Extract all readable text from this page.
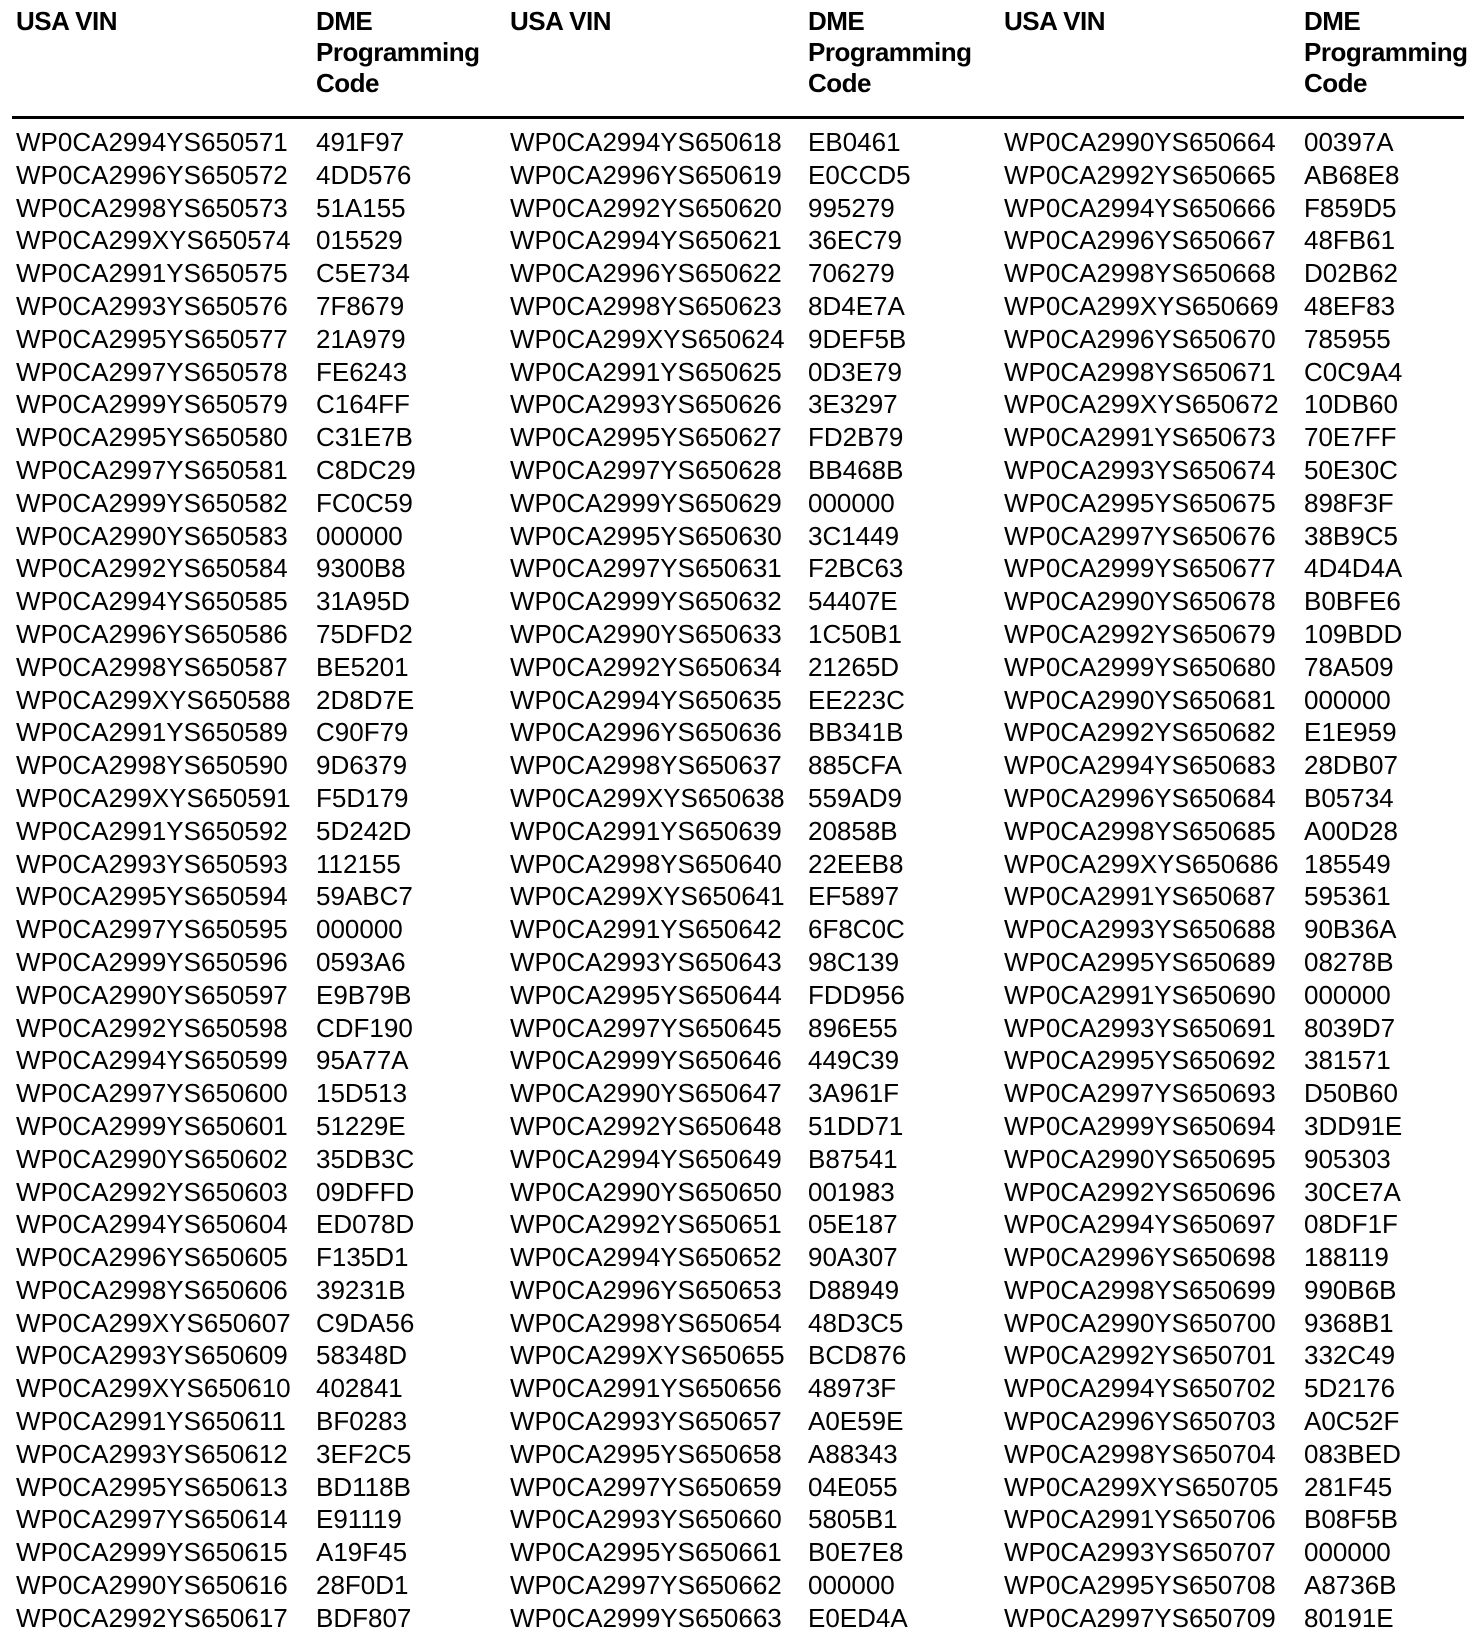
USA VIN	DME
Programming
Code
USA VIN	DME
Programming
Code
USA VIN	DME
Programming
Code
WP0CA2994YS650571 491F97
WP0CA2996YS650572 4DD576
WP0CA2998YS650573 51A155
WP0CA299XYS650574 015529
WP0CA2991YS650575 C5E734
WP0CA2993YS650576 7F8679
WP0CA2995YS650577 21A979
WP0CA2997YS650578 FE6243
WP0CA2999YS650579 C164FF
WP0CA2995YS650580 C31E7B
WP0CA2997YS650581 C8DC29
WP0CA2999YS650582 FC0C59
WP0CA2990YS650583 000000
WP0CA2992YS650584 9300B8
WP0CA2994YS650585 31A95D
WP0CA2996YS650586 75DFD2
WP0CA2998YS650587 BE5201
WP0CA299XYS650588 2D8D7E
WP0CA2991YS650589 C90F79
WP0CA2998YS650590 9D6379
WP0CA299XYS650591 F5D179
WP0CA2991YS650592 5D242D
WP0CA2993YS650593 112155
WP0CA2995YS650594 59ABC7
WP0CA2997YS650595 000000
WP0CA2999YS650596 0593A6
WP0CA2990YS650597 E9B79B
WP0CA2992YS650598 CDF190
WP0CA2994YS650599 95A77A
WP0CA2997YS650600 15D513
WP0CA2999YS650601 51229E
WP0CA2990YS650602 35DB3C
WP0CA2992YS650603 09DFFD
WP0CA2994YS650604 ED078D
WP0CA2996YS650605 F135D1
WP0CA2998YS650606 39231B
WP0CA299XYS650607 C9DA56
WP0CA2993YS650609 58348D
WP0CA299XYS650610 402841
WP0CA2991YS650611 BF0283
WP0CA2993YS650612 3EF2C5
WP0CA2995YS650613 BD118B
WP0CA2997YS650614 E91119
WP0CA2999YS650615 A19F45
WP0CA2990YS650616 28F0D1
WP0CA2992YS650617 BDF807
WP0CA2994YS650618 EB0461
WP0CA2996YS650619 E0CCD5
WP0CA2992YS650620 995279
WP0CA2994YS650621 36EC79
WP0CA2996YS650622 706279
WP0CA2998YS650623 8D4E7A
WP0CA299XYS650624 9DEF5B
WP0CA2991YS650625 0D3E79
WP0CA2993YS650626 3E3297
WP0CA2995YS650627 FD2B79
WP0CA2997YS650628 BB468B
WP0CA2999YS650629 000000
WP0CA2995YS650630 3C1449
WP0CA2997YS650631 F2BC63
WP0CA2999YS650632 54407E
WP0CA2990YS650633 1C50B1
WP0CA2992YS650634 21265D
WP0CA2994YS650635 EE223C
WP0CA2996YS650636 BB341B
WP0CA2998YS650637 885CFA
WP0CA299XYS650638 559AD9
WP0CA2991YS650639 20858B
WP0CA2998YS650640 22EEB8
WP0CA299XYS650641 EF5897
WP0CA2991YS650642 6F8C0C
WP0CA2993YS650643 98C139
WP0CA2995YS650644 FDD956
WP0CA2997YS650645 896E55
WP0CA2999YS650646 449C39
WP0CA2990YS650647 3A961F
WP0CA2992YS650648 51DD71
WP0CA2994YS650649 B87541
WP0CA2990YS650650 001983
WP0CA2992YS650651 05E187
WP0CA2994YS650652 90A307
WP0CA2996YS650653 D88949
WP0CA2998YS650654 48D3C5
WP0CA299XYS650655 BCD876
WP0CA2991YS650656 48973F
WP0CA2993YS650657 A0E59E
WP0CA2995YS650658 A88343
WP0CA2997YS650659 04E055
WP0CA2993YS650660 5805B1
WP0CA2995YS650661 B0E7E8
WP0CA2997YS650662 000000
WP0CA2999YS650663 E0ED4A
WP0CA2990YS650664 00397A
WP0CA2992YS650665 AB68E8
WP0CA2994YS650666 F859D5
WP0CA2996YS650667 48FB61
WP0CA2998YS650668 D02B62
WP0CA299XYS650669 48EF83
WP0CA2996YS650670 785955
WP0CA2998YS650671 C0C9A4
WP0CA299XYS650672 10DB60
WP0CA2991YS650673 70E7FF
WP0CA2993YS650674 50E30C
WP0CA2995YS650675 898F3F
WP0CA2997YS650676 38B9C5
WP0CA2999YS650677 4D4D4A
WP0CA2990YS650678 B0BFE6
WP0CA2992YS650679 109BDD
WP0CA2999YS650680 78A509
WP0CA2990YS650681 000000
WP0CA2992YS650682 E1E959
WP0CA2994YS650683 28DB07
WP0CA2996YS650684 B05734
WP0CA2998YS650685 A00D28
WP0CA299XYS650686 185549
WP0CA2991YS650687 595361
WP0CA2993YS650688 90B36A
WP0CA2995YS650689 08278B
WP0CA2991YS650690 000000
WP0CA2993YS650691 8039D7
WP0CA2995YS650692 381571
WP0CA2997YS650693 D50B60
WP0CA2999YS650694 3DD91E
WP0CA2990YS650695 905303
WP0CA2992YS650696 30CE7A
WP0CA2994YS650697 08DF1F
WP0CA2996YS650698 188119
WP0CA2998YS650699 990B6B
WP0CA2990YS650700 9368B1
WP0CA2992YS650701 332C49
WP0CA2994YS650702 5D2176
WP0CA2996YS650703 A0C52F
WP0CA2998YS650704 083BED
WP0CA299XYS650705 281F45
WP0CA2991YS650706 B08F5B
WP0CA2993YS650707 000000
WP0CA2995YS650708 A8736B
WP0CA2997YS650709 80191E
